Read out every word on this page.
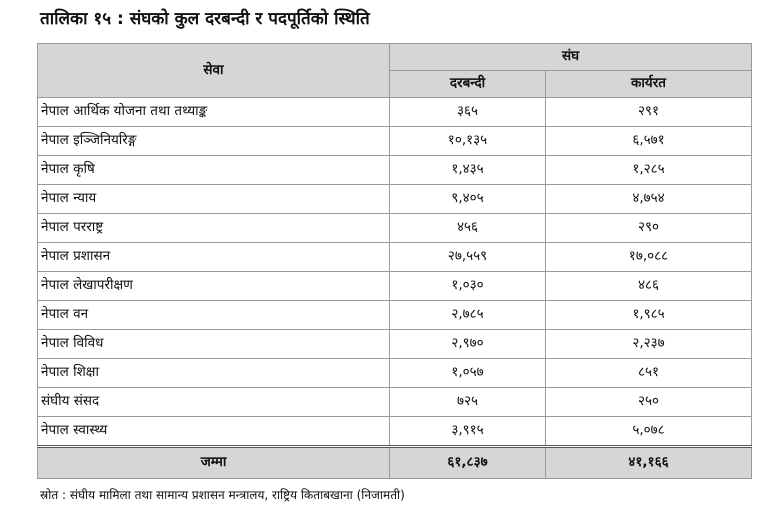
तालिका १५ : संघको कुल दरबन्दी र पदपूर्तिको स्थिति
सेवा	संघ	
	दरबन्दी	कार्यरत
नेपाल आर्थिक योजना तथा तथ्याङ्क	३६५	२९१
नेपाल इञ्जिनियरिङ्ग	१०,१३५	६,५७१
नेपाल कृषि	१,४३५	१,२८५
नेपाल न्याय	९,४०५	४,७५४
नेपाल परराष्ट्र	४५६	२९०
नेपाल प्रशासन	२७,५५९	१७,०८८
नेपाल लेखापरीक्षण	१,०३०	४८६
नेपाल वन	२,७८५	१,९८५
नेपाल विविध	२,९७०	२,२३७
नेपाल शिक्षा	१,०५७	८५१
संघीय संसद	७२५	२५०
नेपाल स्वास्थ्य	३,९१५	५,०७८
जम्मा	६१,८३७	४१,१६६
स्रोत : संघीय मामिला तथा सामान्य प्रशासन मन्त्रालय, राष्ट्रिय किताबखाना (निजामती)
